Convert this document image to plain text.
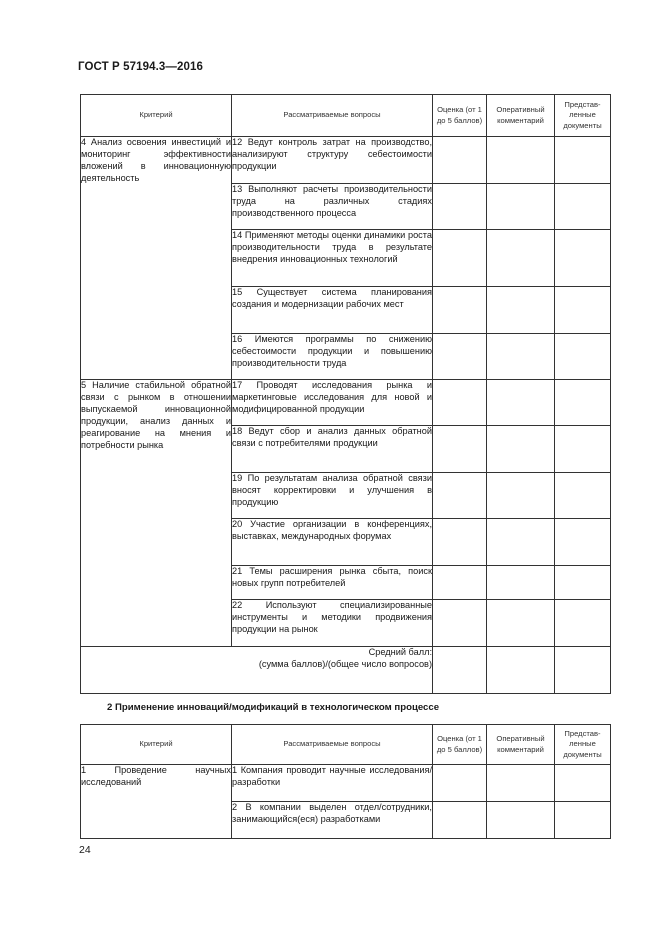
ГОСТ Р 57194.3—2016
Критерий	Рассматриваемые вопросы	Оценка (от 1 до 5 баллов)	Оперативный комментарий	Представ- ленные документы

4 Анализ освоения инвестиций и мониторинг эффективности вложений в инновационную деятельность	12 Ведут контроль затрат на производство, анализируют структуру себестоимости продукции			

	13 Выполняют расчеты производительности труда на различных стадиях производственного процесса			

	14 Применяют методы оценки динамики роста производительности труда в результате внедрения инновационных технологий			

	15 Существует система планирования создания и модернизации рабочих мест			

	16 Имеются программы по снижению себестоимости продукции и повышению производительности труда			

5 Наличие стабильной обратной связи с рынком в отношении выпускаемой инновационной продукции, анализ данных и реагирование на мнения и потребности рынка	17 Проводят исследования рынка и маркетинговые исследования для новой и модифицированной продукции			

	18 Ведут сбор и анализ данных обратной связи с потребителями продукции			

	19 По результатам анализа обратной связи вносят корректировки и улучшения в продукцию			

	20 Участие организации в конференциях, выставках, международных форумах			

	21 Темы расширения рынка сбыта, поиск новых групп потребителей			

	22 Используют специализированные инструменты и методики продвижения продукции на рынок			

Средний балл:
(сумма баллов)/(общее число вопросов)				
2 Применение инноваций/модификаций в технологическом процессе
Критерий	Рассматриваемые вопросы	Оценка (от 1 до 5 баллов)	Оперативный комментарий	Представ- ленные документы

1 Проведение научных исследований	1 Компания проводит научные исследования/разработки			

	2 В компании выделен отдел/сотрудники, занимающийся(еся) разработками			

24
